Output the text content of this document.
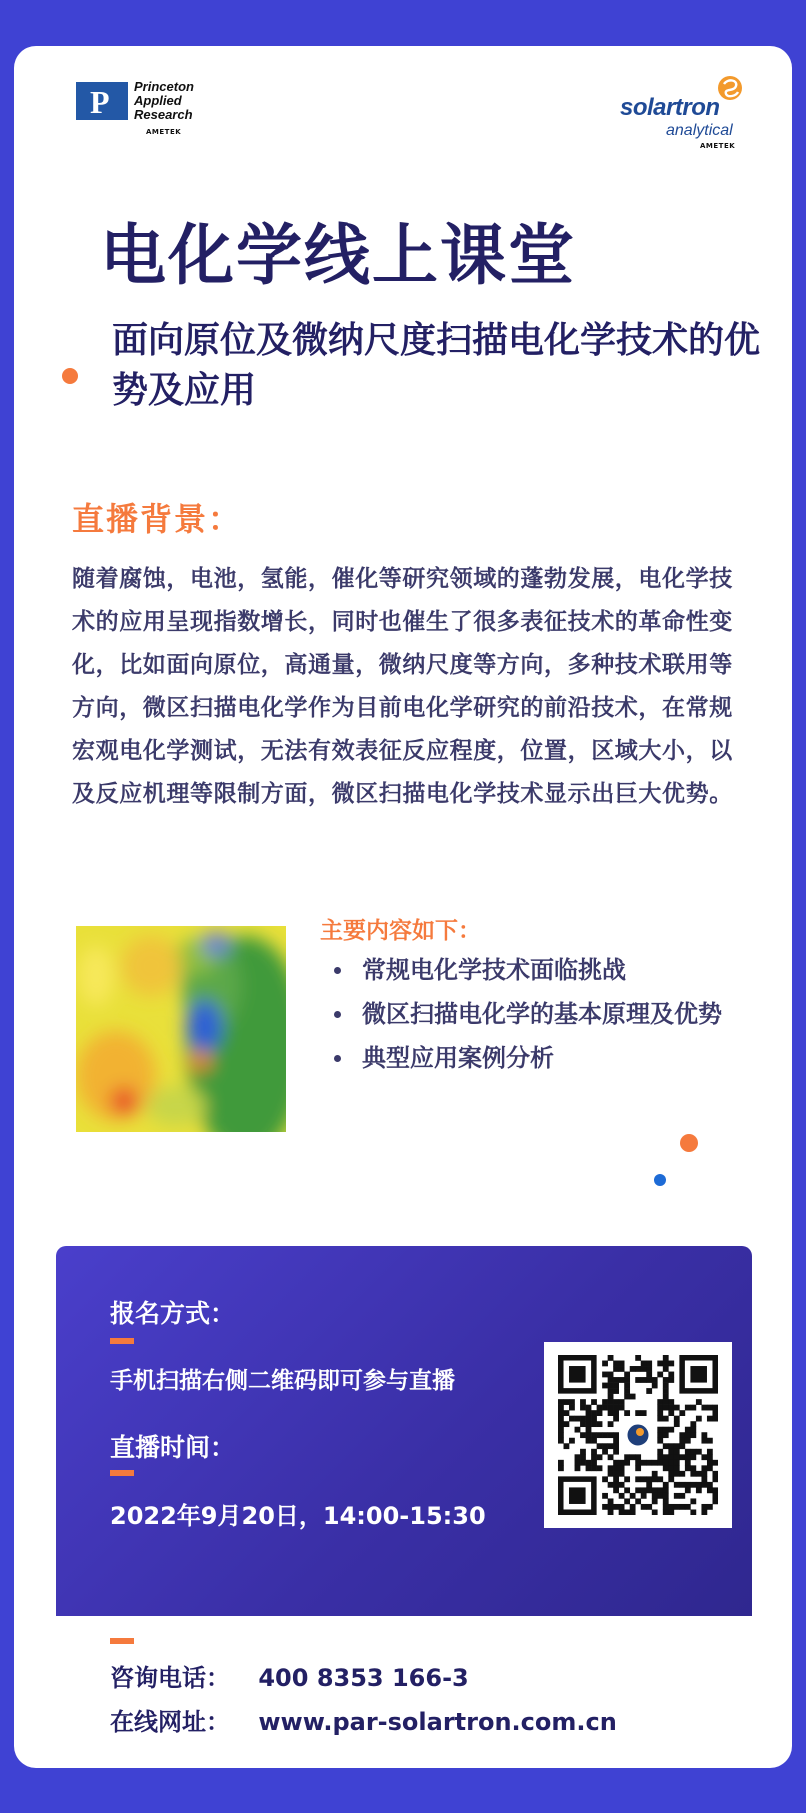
P Princeton
Applied
Research
AMETEK
solartron
analytical
AMETEK
电化学线上课堂
面向原位及微纳尺度扫描电化学技术的优势及应用
直播背景：
随着腐蚀，电池，氢能，催化等研究领域的蓬勃发展，电化学技术的应用呈现指数增长，同时也催生了很多表征技术的革命性变化，比如面向原位，高通量，微纳尺度等方向，多种技术联用等方向，微区扫描电化学作为目前电化学研究的前沿技术，在常规宏观电化学测试，无法有效表征反应程度，位置，区域大小，以及反应机理等限制方面，微区扫描电化学技术显示出巨大优势。
主要内容如下：
常规电化学技术面临挑战
微区扫描电化学的基本原理及优势
典型应用案例分析
报名方式：
手机扫描右侧二维码即可参与直播
直播时间：
2022年9月20日，14:00-15:30
咨询电话： 400 8353 166-3
在线网址： www.par-solartron.com.cn
